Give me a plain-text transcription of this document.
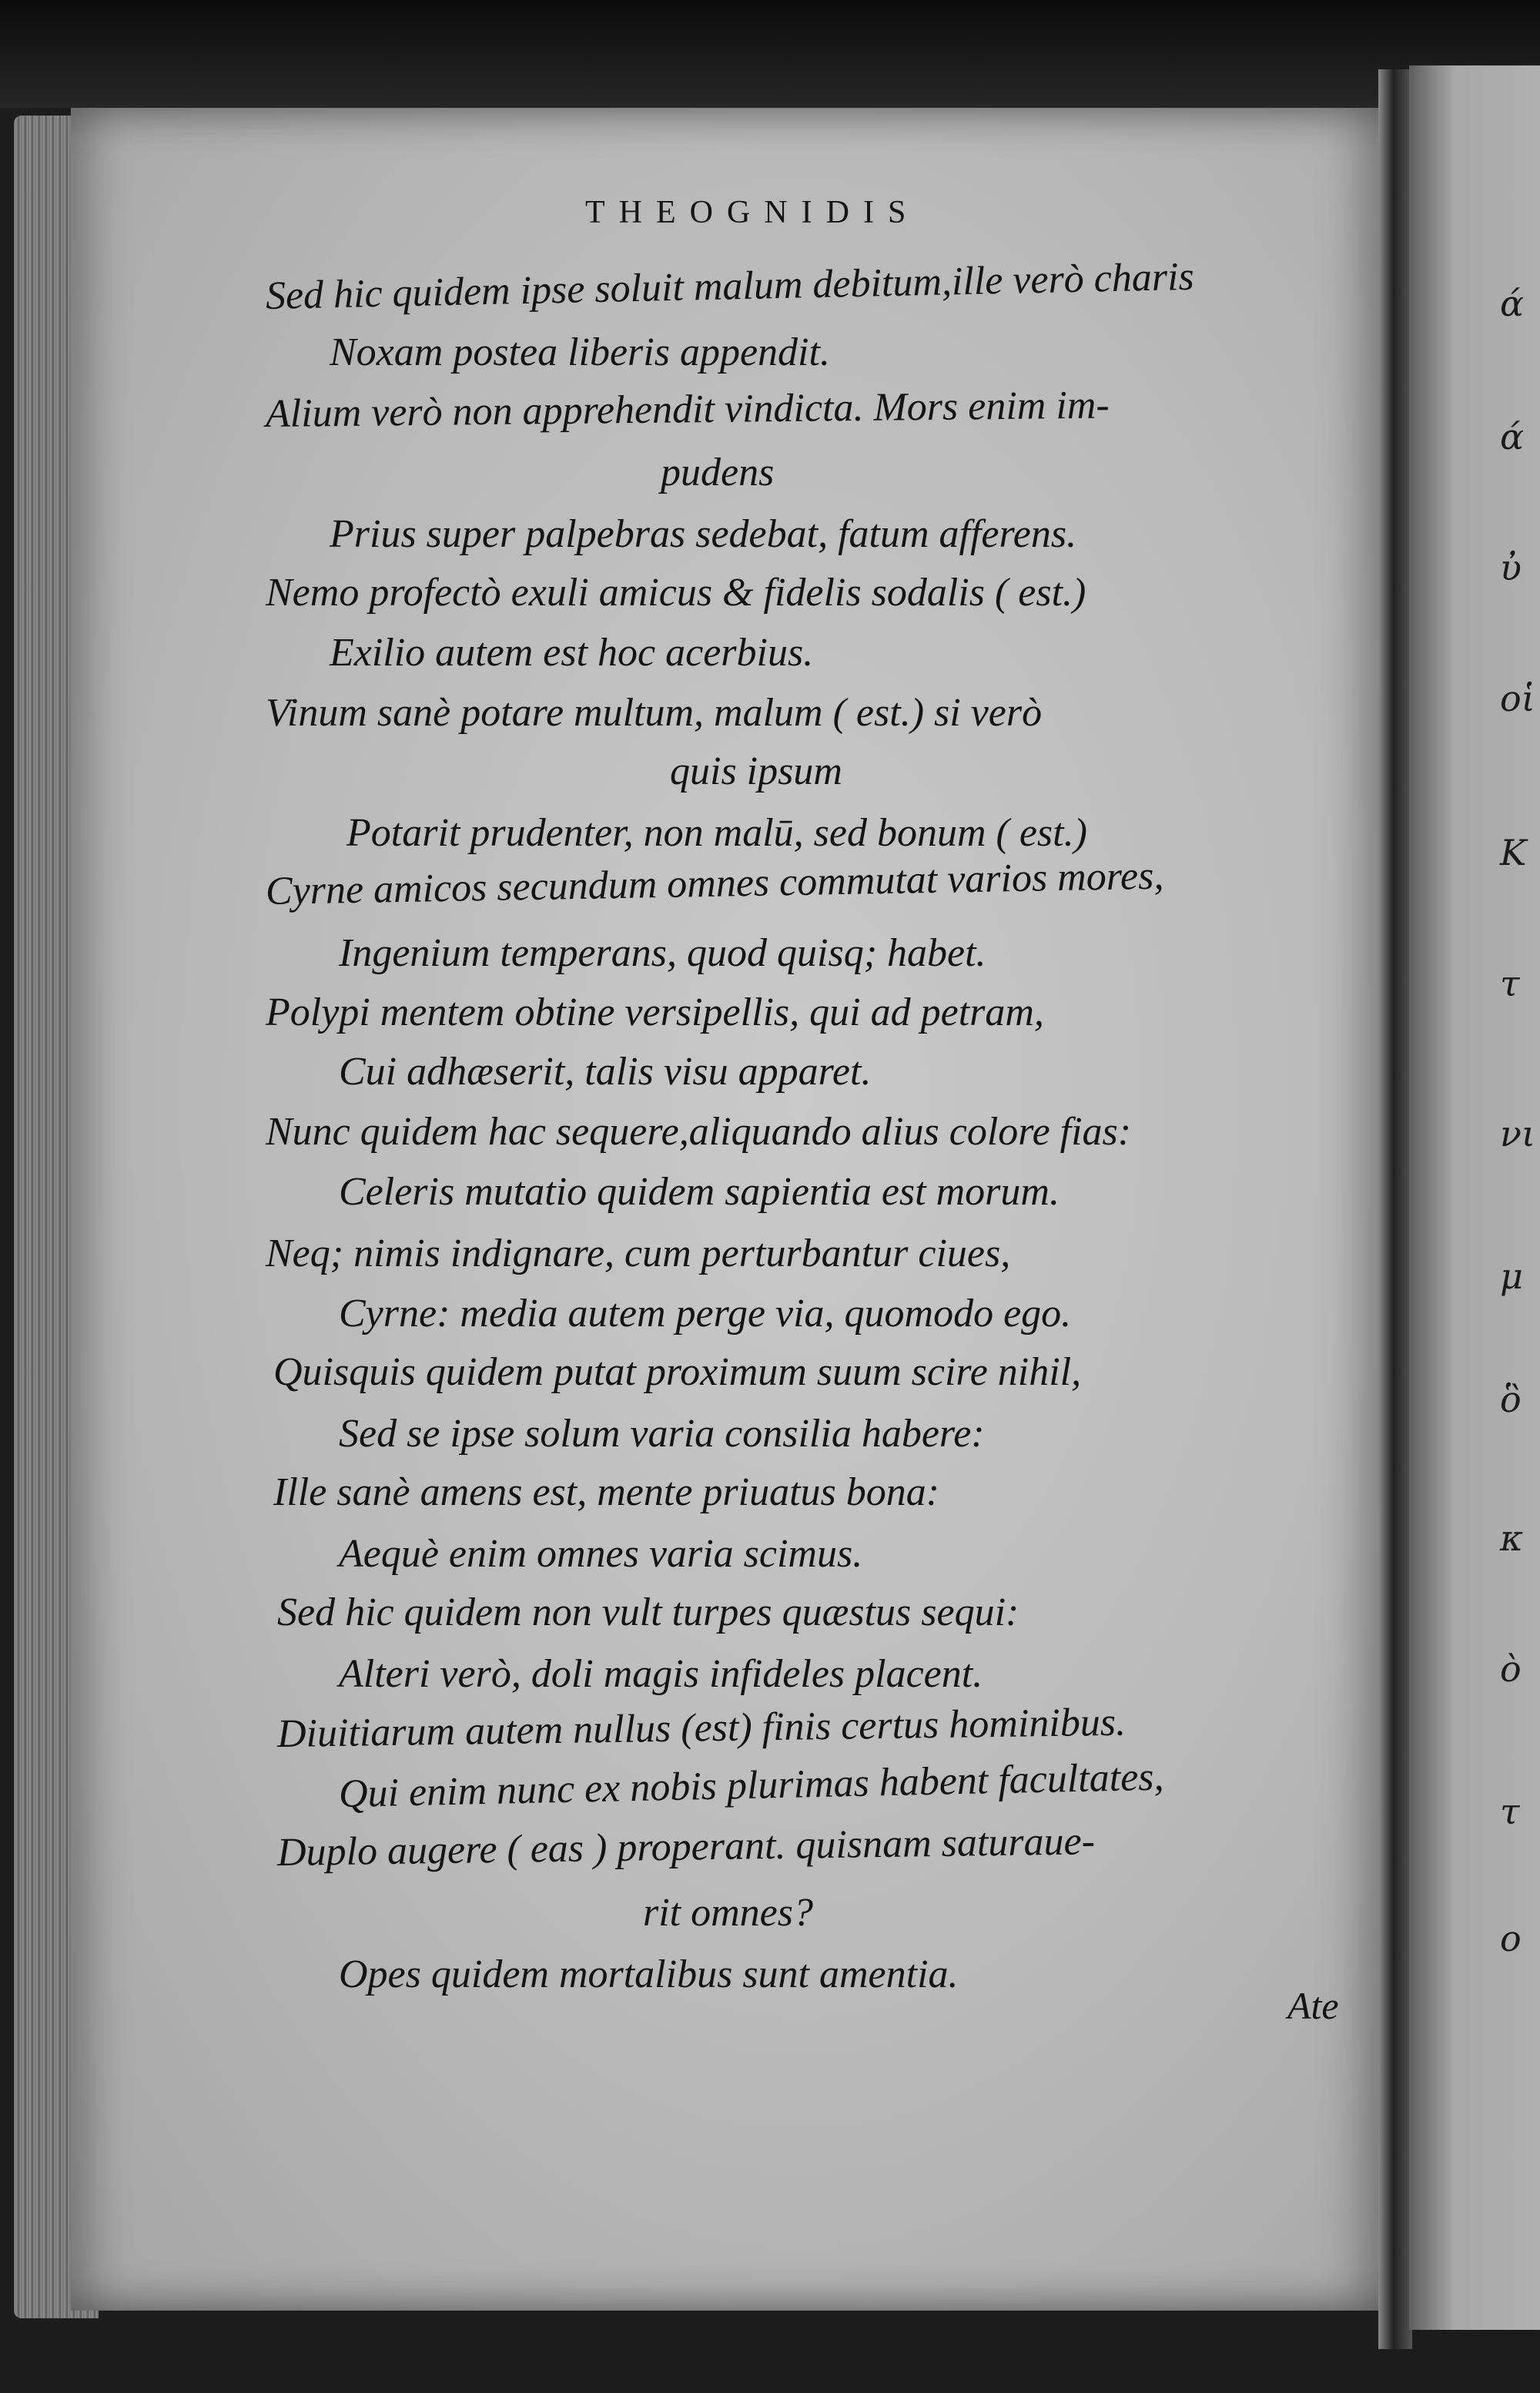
ά
ά
ὐ
οἱ
Κ
τ
νι
μ
ὃ
κ
ὸ
τ
ο
THEOGNIDIS
Sed hic quidem ipse soluit malum debitum,ille verò charis
Noxam postea liberis appendit.
Alium verò non apprehendit vindicta. Mors enim im-
pudens
Prius super palpebras sedebat, fatum afferens.
Nemo profectò exuli amicus & fidelis sodalis ( est.)
Exilio autem est hoc acerbius.
Vinum sanè potare multum, malum ( est.) si verò
quis ipsum
Potarit prudenter, non malū, sed bonum ( est.)
Cyrne amicos secundum omnes commutat varios mores,
Ingenium temperans, quod quisq; habet.
Polypi mentem obtine versipellis, qui ad petram,
Cui adhæserit, talis visu apparet.
Nunc quidem hac sequere,aliquando alius colore fias:
Celeris mutatio quidem sapientia est morum.
Neq; nimis indignare, cum perturbantur ciues,
Cyrne: media autem perge via, quomodo ego.
Quisquis quidem putat proximum suum scire nihil,
Sed se ipse solum varia consilia habere:
Ille sanè amens est, mente priuatus bona:
Aequè enim omnes varia scimus.
Sed hic quidem non vult turpes quæstus sequi:
Alteri verò, doli magis infideles placent.
Diuitiarum autem nullus (est) finis certus hominibus.
Qui enim nunc ex nobis plurimas habent facultates,
Duplo augere ( eas ) properant. quisnam saturaue-
rit omnes?
Opes quidem mortalibus sunt amentia.
Ate
